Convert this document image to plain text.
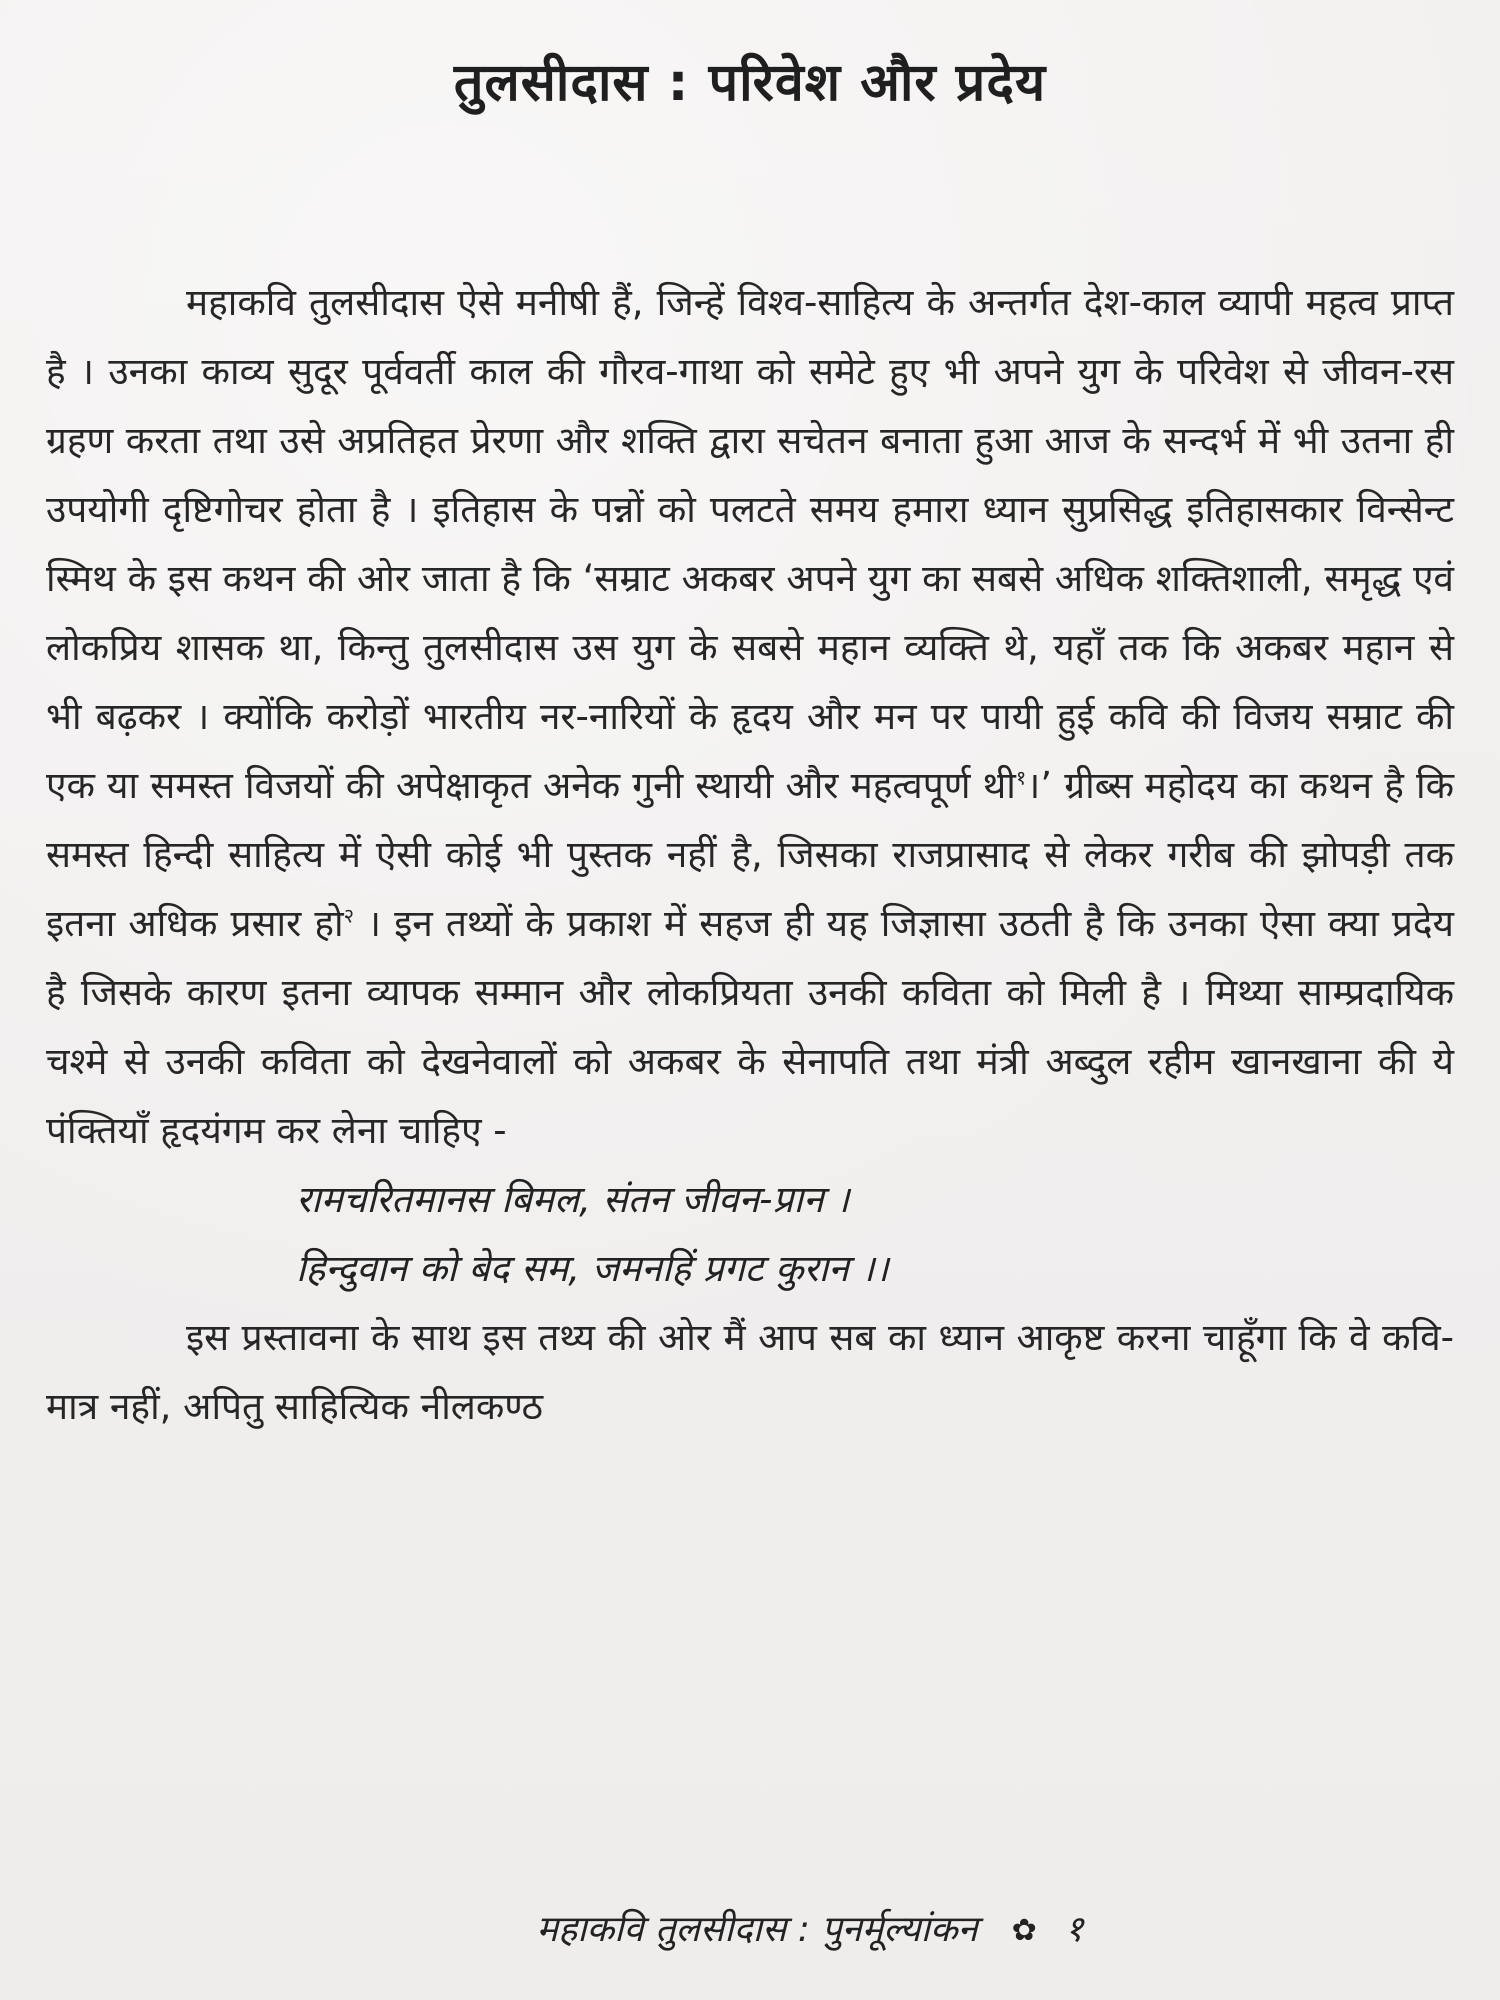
तुलसीदास : परिवेश और प्रदेय

महाकवि तुलसीदास ऐसे मनीषी हैं, जिन्हें विश्व-साहित्य के अन्तर्गत देश-काल व्यापी महत्व प्राप्त है । उनका काव्य सुदूर पूर्ववर्ती काल की गौरव-गाथा को समेटे हुए भी अपने युग के परिवेश से जीवन-रस ग्रहण करता तथा उसे अप्रतिहत प्रेरणा और शक्ति द्वारा सचेतन बनाता हुआ आज के सन्दर्भ में भी उतना ही उपयोगी दृष्टिगोचर होता है । इतिहास के पन्नों को पलटते समय हमारा ध्यान सुप्रसिद्ध इतिहासकार विन्सेन्ट स्मिथ के इस कथन की ओर जाता है कि ‘सम्राट अकबर अपने युग का सबसे अधिक शक्तिशाली, समृद्ध एवं लोकप्रिय शासक था, किन्तु तुलसीदास उस युग के सबसे महान व्यक्ति थे, यहाँ तक कि अकबर महान से भी बढ़कर । क्योंकि करोड़ों भारतीय नर-नारियों के हृदय और मन पर पायी हुई कवि की विजय सम्राट की एक या समस्त विजयों की अपेक्षाकृत अनेक गुनी स्थायी और महत्वपूर्ण थी$^१$।’ ग्रीब्स महोदय का कथन है कि समस्त हिन्दी साहित्य में ऐसी कोई भी पुस्तक नहीं है, जिसका राजप्रासाद से लेकर गरीब की झोपड़ी तक इतना अधिक प्रसार हो$^२$ । इन तथ्यों के प्रकाश में सहज ही यह जिज्ञासा उठती है कि उनका ऐसा क्या प्रदेय है जिसके कारण इतना व्यापक सम्मान और लोकप्रियता उनकी कविता को मिली है । मिथ्या साम्प्रदायिक चश्मे से उनकी कविता को देखनेवालों को अकबर के सेनापति तथा मंत्री अब्दुल रहीम खानखाना की ये पंक्तियाँ हृदयंगम कर लेना चाहिए -

रामचरितमानस बिमल, संतन जीवन-प्रान ।
हिन्दुवान को बेद सम, जमनहिं प्रगट कुरान ।।

इस प्रस्तावना के साथ इस तथ्य की ओर मैं आप सब का ध्यान आकृष्ट करना चाहूँगा कि वे कवि-मात्र नहीं, अपितु साहित्यिक नीलकण्ठ

महाकवि तुलसीदास : पुनर्मूल्यांकन ✿ १
